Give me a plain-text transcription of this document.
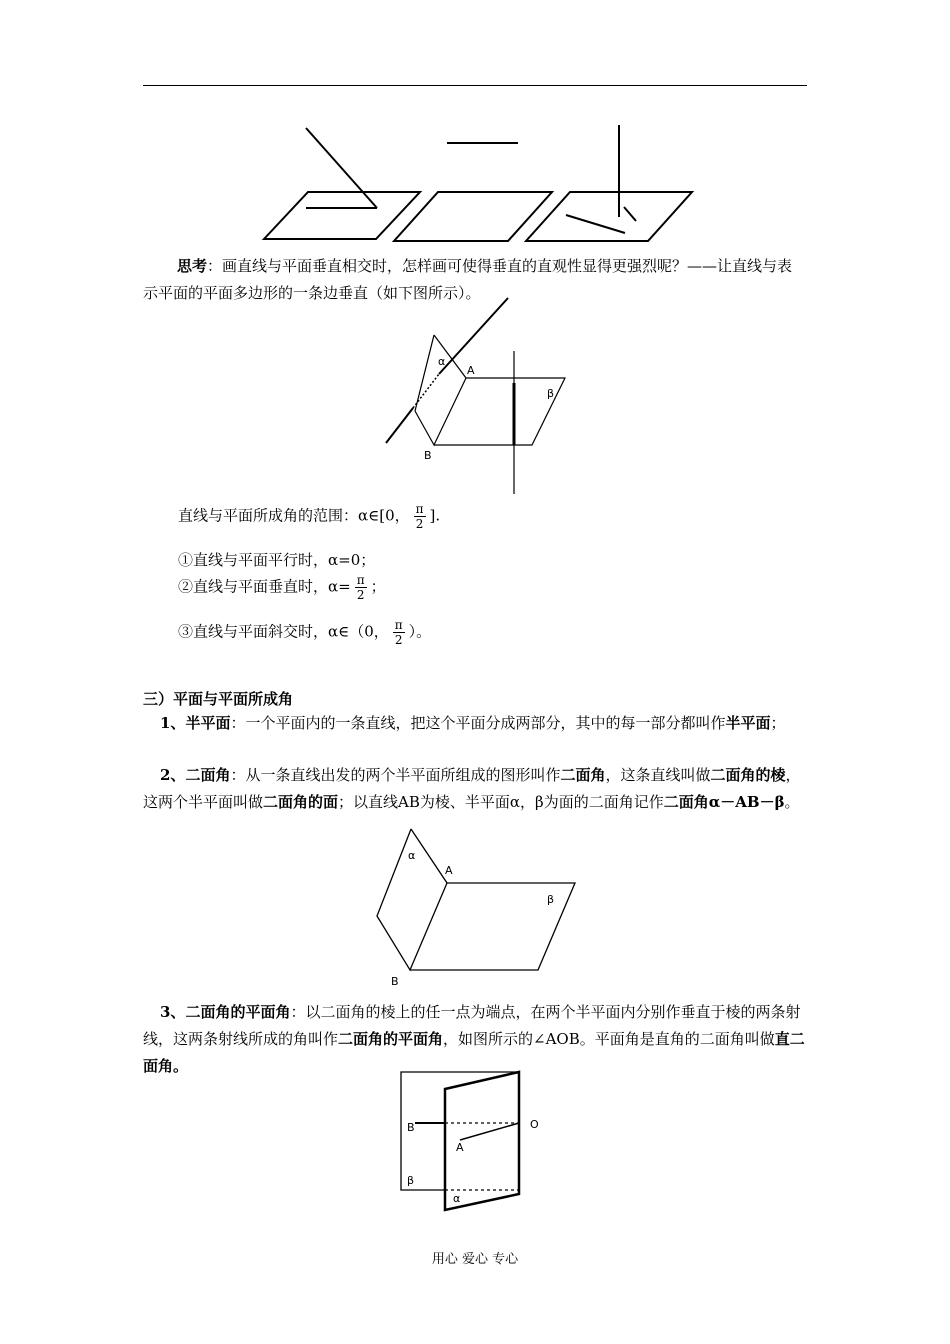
思考：画直线与平面垂直相交时，怎样画可使得垂直的直观性显得更强烈呢？——让直线与表示平面的平面多边形的一条边垂直（如下图所示）。
α
A
β
B
直线与平面所成角的范围：α∈[0， $\frac{\pi}{2}$ ].
①直线与平面平行时，α=0；
②直线与平面垂直时，$\alpha= \frac{\pi}{2}$ ；
③直线与平面斜交时，α∈（0， $\frac{\pi}{2}$ ）。
三）平面与平面所成角
1、半平面：一个平面内的一条直线，把这个平面分成两部分，其中的每一部分都叫作半平面；
2、二面角：从一条直线出发的两个半平面所组成的图形叫作二面角，这条直线叫做二面角的棱，这两个半平面叫做二面角的面；以直线AB为棱、半平面α，β为面的二面角记作二面角α－AB－β。
α
A
β
B
3、二面角的平面角：以二面角的棱上的任一点为端点，在两个半平面内分别作垂直于棱的两条射线，这两条射线所成的角叫作二面角的平面角，如图所示的∠AOB。平面角是直角的二面角叫做直二面角。
B	O
A
β
α
用心 爱心 专心
